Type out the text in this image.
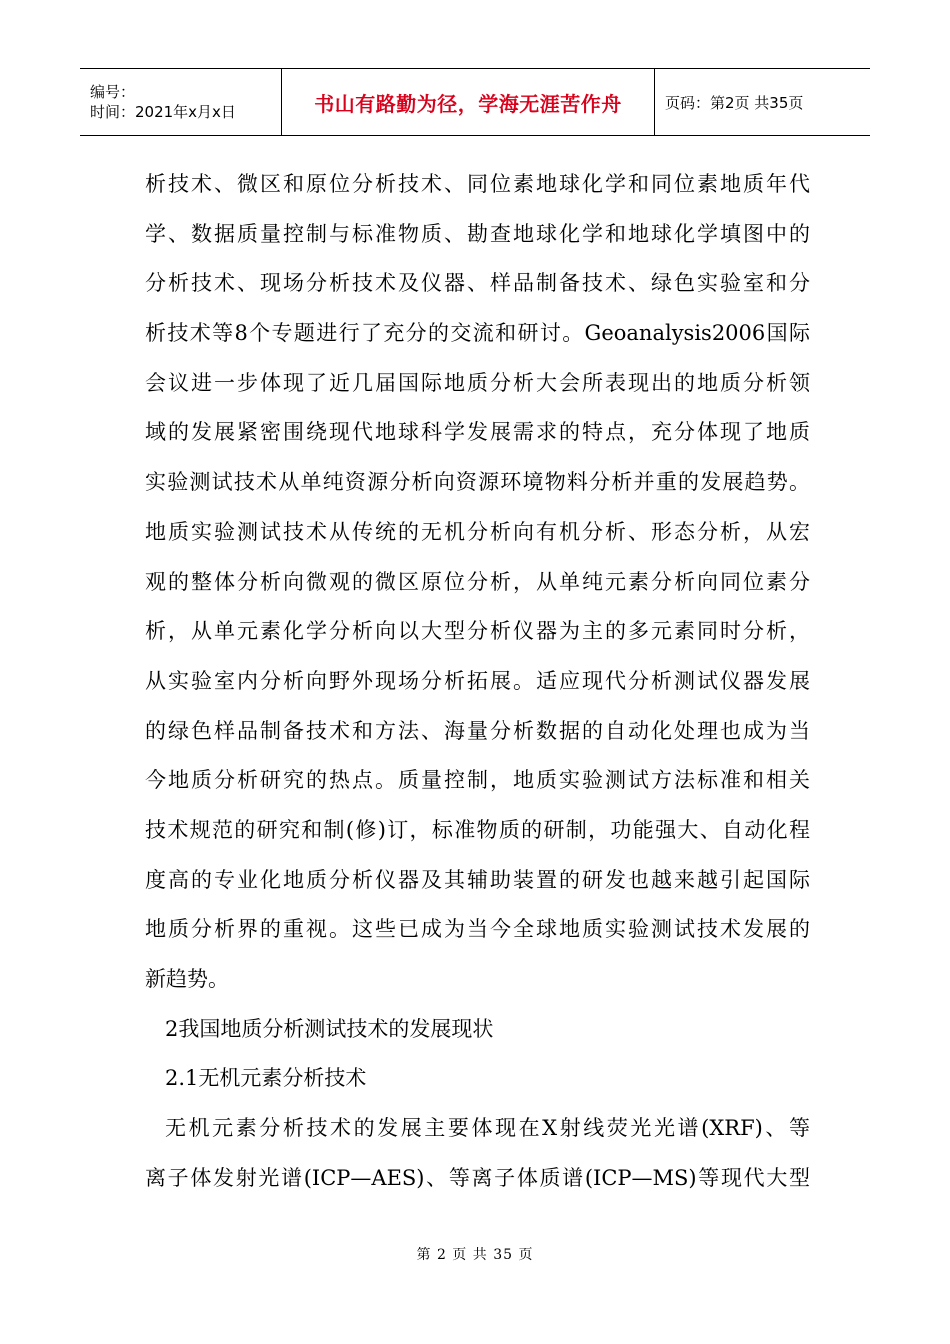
编号：
时间：2021年x月x日	书山有路勤为径，学海无涯苦作舟	页码：第2页 共35页
析技术、微区和原位分析技术、同位素地球化学和同位素地质年代
学、数据质量控制与标准物质、勘查地球化学和地球化学填图中的
分析技术、现场分析技术及仪器、样品制备技术、绿色实验室和分
析技术等8个专题进行了充分的交流和研讨。Geoanalysis2006国际
会议进一步体现了近几届国际地质分析大会所表现出的地质分析领
域的发展紧密围绕现代地球科学发展需求的特点，充分体现了地质
实验测试技术从单纯资源分析向资源环境物料分析并重的发展趋势。
地质实验测试技术从传统的无机分析向有机分析、形态分析，从宏
观的整体分析向微观的微区原位分析，从单纯元素分析向同位素分
析，从单元素化学分析向以大型分析仪器为主的多元素同时分析，
从实验室内分析向野外现场分析拓展。适应现代分析测试仪器发展
的绿色样品制备技术和方法、海量分析数据的自动化处理也成为当
今地质分析研究的热点。质量控制，地质实验测试方法标准和相关
技术规范的研究和制(修)订，标准物质的研制，功能强大、自动化程
度高的专业化地质分析仪器及其辅助装置的研发也越来越引起国际
地质分析界的重视。这些已成为当今全球地质实验测试技术发展的
新趋势。
2我国地质分析测试技术的发展现状
2.1无机元素分析技术
无机元素分析技术的发展主要体现在X射线荧光光谱(XRF)、等
离子体发射光谱(ICP—AES)、等离子体质谱(ICP—MS)等现代大型
第 2 页 共 35 页
